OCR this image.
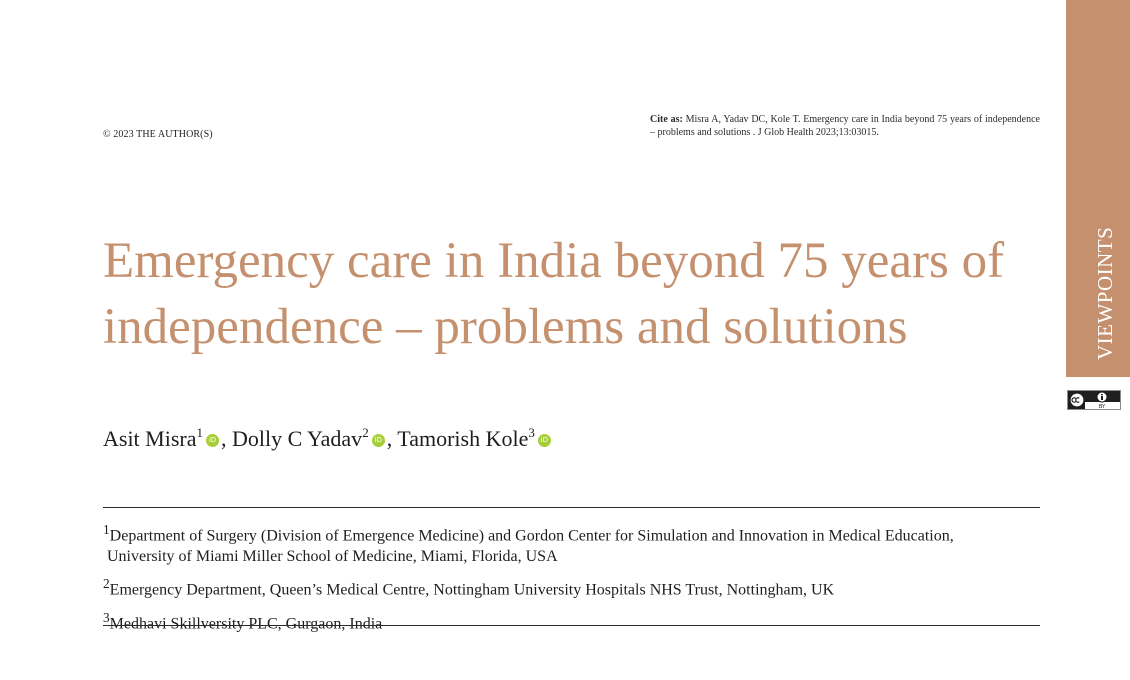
VIEWPOINTS
BY
© 2023 THE AUTHOR(S)
Cite as: Misra A, Yadav DC, Kole T. Emergency care in India beyond 75 years of independence – problems and solutions . J Glob Health 2023;13:03015.
Emergency care in India beyond 75 years of independence – problems and solutions
Asit Misra$^1$ iD , Dolly C Yadav$^2$ iD , Tamorish Kole$^3$ iD
$^1$Department of Surgery (Division of Emergence Medicine) and Gordon Center for Simulation and Innovation in Medical Education,
University of Miami Miller School of Medicine, Miami, Florida, USA
$^2$Emergency Department, Queen’s Medical Centre, Nottingham University Hospitals NHS Trust, Nottingham, UK
$^3$Medhavi Skillversity PLC, Gurgaon, India
